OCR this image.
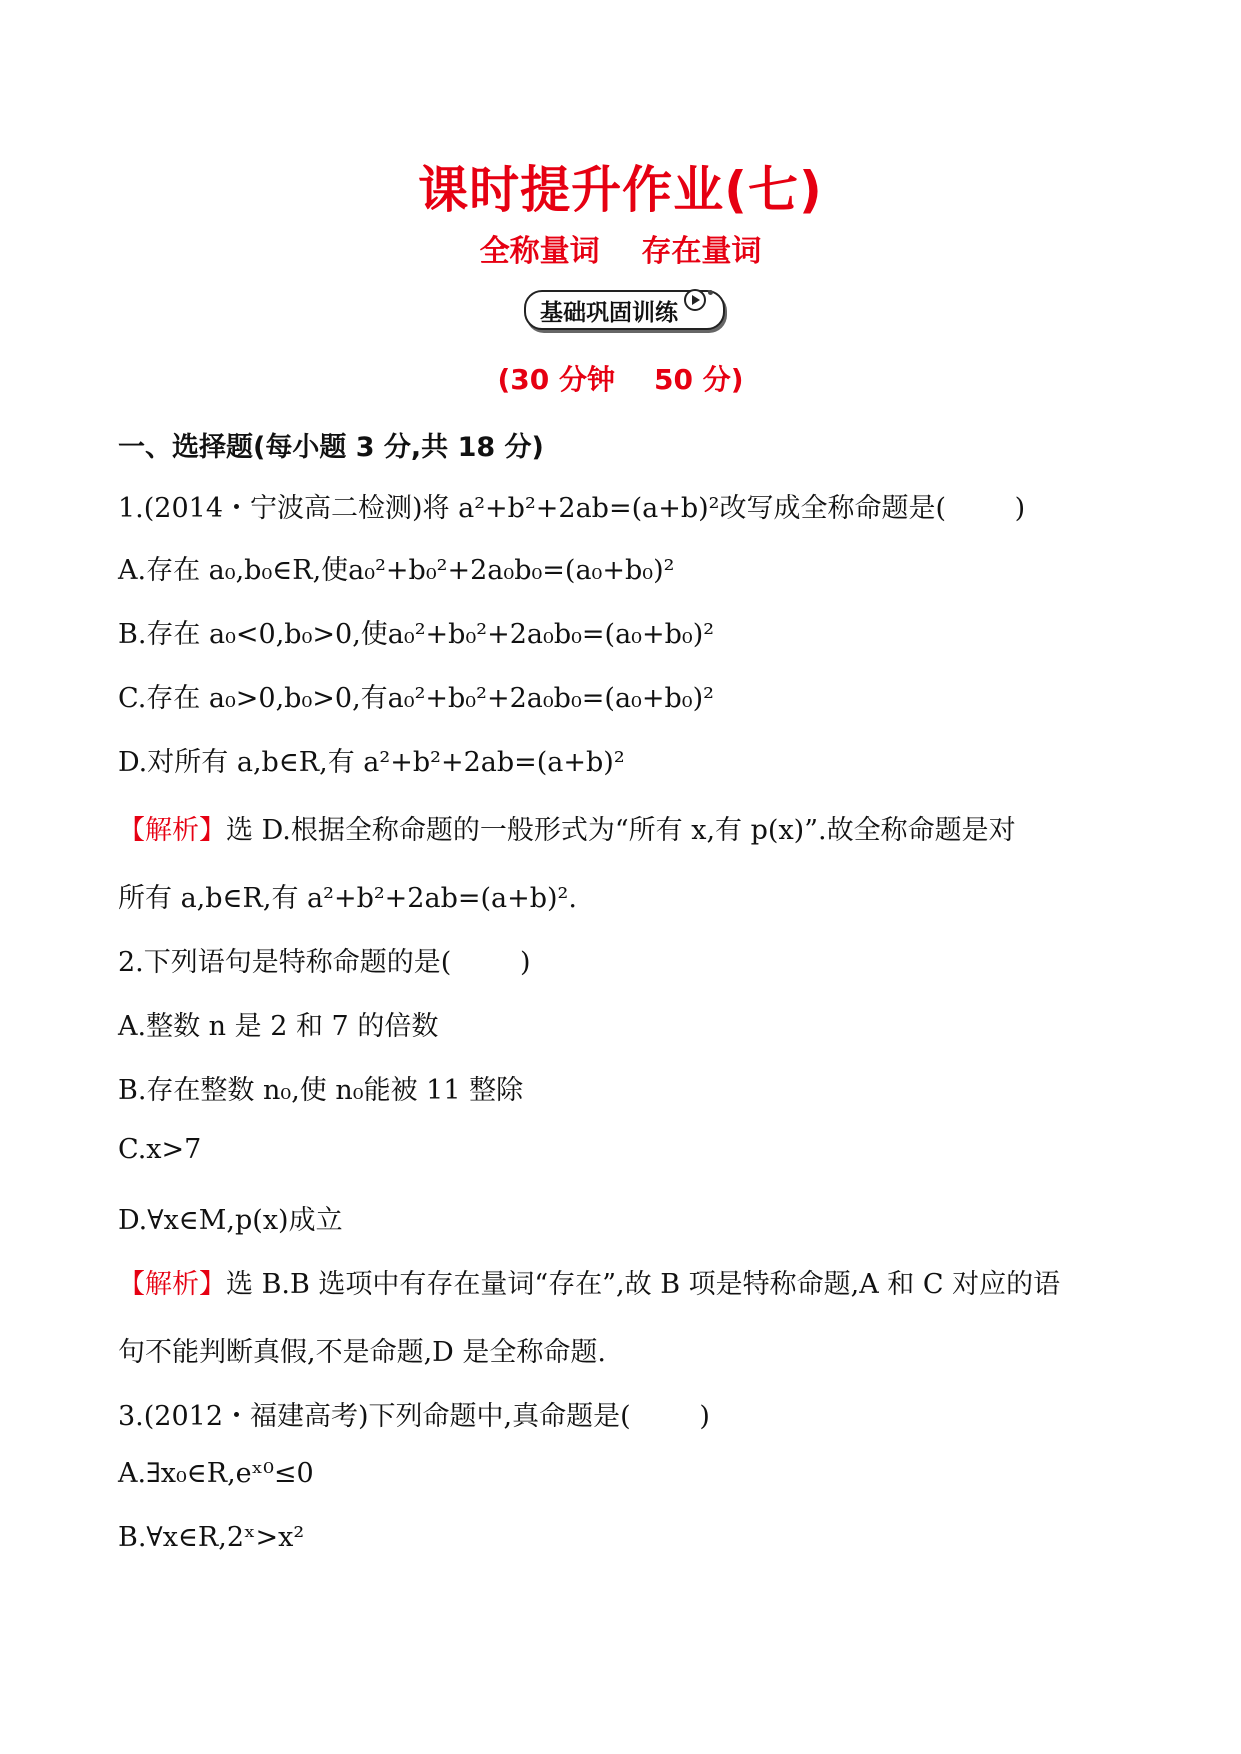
课时提升作业(七)
全称量词    存在量词
基础巩固训练
(30 分钟    50 分)
一、选择题(每小题 3 分,共 18 分)
1.(2014・宁波高二检测)将 a²+b²+2ab=(a+b)²改写成全称命题是(        )
A.存在 a₀,b₀∈R,使a₀²+b₀²+2a₀b₀=(a₀+b₀)²
B.存在 a₀<0,b₀>0,使a₀²+b₀²+2a₀b₀=(a₀+b₀)²
C.存在 a₀>0,b₀>0,有a₀²+b₀²+2a₀b₀=(a₀+b₀)²
D.对所有 a,b∈R,有 a²+b²+2ab=(a+b)²
【解析】选 D.根据全称命题的一般形式为“所有 x,有 p(x)”.故全称命题是对
所有 a,b∈R,有 a²+b²+2ab=(a+b)².
2.下列语句是特称命题的是(        )
A.整数 n 是 2 和 7 的倍数
B.存在整数 n₀,使 n₀能被 11 整除
C.x>7
D.∀x∈M,p(x)成立
【解析】选 B.B 选项中有存在量词“存在”,故 B 项是特称命题,A 和 C 对应的语
句不能判断真假,不是命题,D 是全称命题.
3.(2012・福建高考)下列命题中,真命题是(        )
A.∃x₀∈R,eˣ⁰≤0
B.∀x∈R,2ˣ>x²
